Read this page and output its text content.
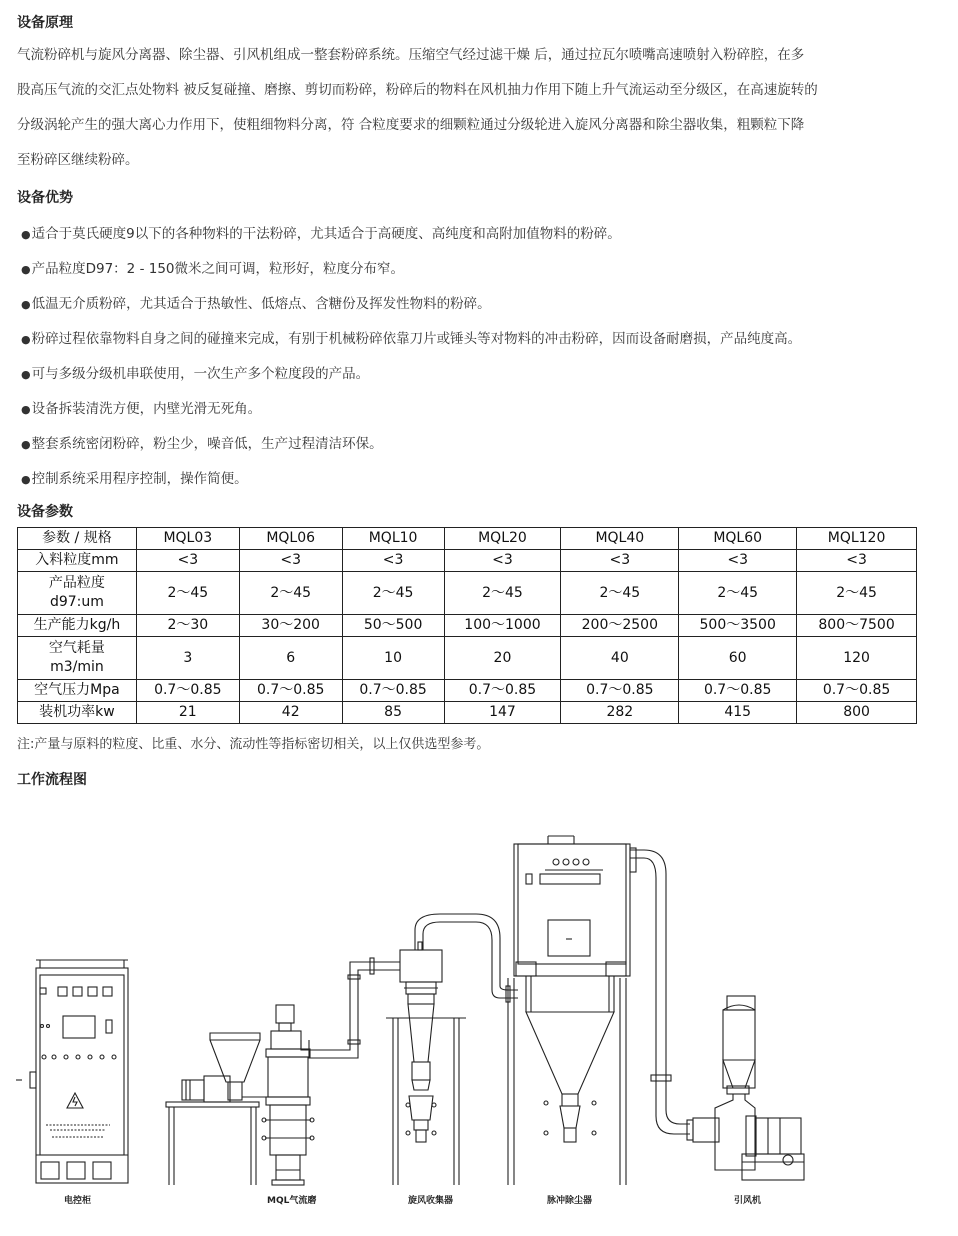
设备原理
气流粉碎机与旋风分离器、除尘器、引风机组成一整套粉碎系统。压缩空气经过滤干燥 后，通过拉瓦尔喷嘴高速喷射入粉碎腔，在多
股高压气流的交汇点处物料 被反复碰撞、磨擦、剪切而粉碎，粉碎后的物料在风机抽力作用下随上升气流运动至分级区，在高速旋转的
分级涡轮产生的强大离心力作用下，使粗细物料分离，符 合粒度要求的细颗粒通过分级轮进入旋风分离器和除尘器收集，粗颗粒下降
至粉碎区继续粉碎。
设备优势
● 适合于莫氏硬度9以下的各种物料的干法粉碎，尤其适合于高硬度、高纯度和高附加值物料的粉碎。
● 产品粒度D97：2 - 150微米之间可调，粒形好，粒度分布窄。
● 低温无介质粉碎，尤其适合于热敏性、低熔点、含糖份及挥发性物料的粉碎。
● 粉碎过程依靠物料自身之间的碰撞来完成，有别于机械粉碎依靠刀片或锤头等对物料的冲击粉碎，因而设备耐磨损，产品纯度高。
● 可与多级分级机串联使用，一次生产多个粒度段的产品。
● 设备拆装清洗方便，内壁光滑无死角。
● 整套系统密闭粉碎，粉尘少，噪音低，生产过程清洁环保。
● 控制系统采用程序控制，操作简便。
设备参数
参数 / 规格	MQL03	MQL06	MQL10	MQL20	MQL40	MQL60	MQL120
入料粒度mm	<3	<3	<3	<3	<3	<3	<3
产品粒度
d97:um	2～45	2～45	2～45	2～45	2～45	2～45	2～45
生产能力kg/h	2～30	30～200	50～500	100～1000	200～2500	500～3500	800～7500
空气耗量
m3/min	3	6	10	20	40	60	120
空气压力Mpa	0.7～0.85	0.7～0.85	0.7～0.85	0.7～0.85	0.7～0.85	0.7～0.85	0.7～0.85
装机功率kw	21	42	85	147	282	415	800
注:产量与原料的粒度、比重、水分、流动性等指标密切相关，以上仅供选型参考。
工作流程图
电控柜	MQL气流磨	旋风收集器	脉冲除尘器	引风机
